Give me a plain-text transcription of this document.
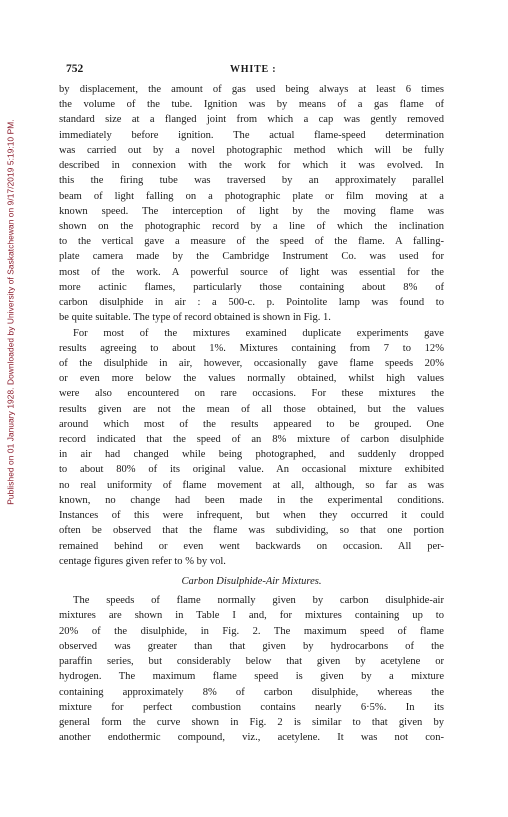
Published on 01 January 1928. Downloaded by University of Saskatchewan on 9/17/2019 5:19:10 PM.
752	WHITE :

by displacement, the amount of gas used being always at least 6 times
the volume of the tube. Ignition was by means of a gas flame of
standard size at a flanged joint from which a cap was gently removed
immediately before ignition. The actual flame-speed determination
was carried out by a novel photographic method which will be fully
described in connexion with the work for which it was evolved. In
this the firing tube was traversed by an approximately parallel
beam of light falling on a photographic plate or film moving at a
known speed. The interception of light by the moving flame was
shown on the photographic record by a line of which the inclination
to the vertical gave a measure of the speed of the flame. A falling-
plate camera made by the Cambridge Instrument Co. was used for
most of the work. A powerful source of light was essential for the
more actinic flames, particularly those containing about 8% of
carbon disulphide in air : a 500-c. p. Pointolite lamp was found to
be quite suitable. The type of record obtained is shown in Fig. 1.

For most of the mixtures examined duplicate experiments gave
results agreeing to about 1%. Mixtures containing from 7 to 12%
of the disulphide in air, however, occasionally gave flame speeds 20%
or even more below the values normally obtained, whilst high values
were also encountered on rare occasions. For these mixtures the
results given are not the mean of all those obtained, but the values
around which most of the results appeared to be grouped. One
record indicated that the speed of an 8% mixture of carbon disulphide
in air had changed while being photographed, and suddenly dropped
to about 80% of its original value. An occasional mixture exhibited
no real uniformity of flame movement at all, although, so far as was
known, no change had been made in the experimental conditions.
Instances of this were infrequent, but when they occurred it could
often be observed that the flame was subdividing, so that one portion
remained behind or even went backwards on occasion. All per-
centage figures given refer to % by vol.

Carbon Disulphide-Air Mixtures.

The speeds of flame normally given by carbon disulphide-air
mixtures are shown in Table I and, for mixtures containing up to
20% of the disulphide, in Fig. 2. The maximum speed of flame
observed was greater than that given by hydrocarbons of the
paraffin series, but considerably below that given by acetylene or
hydrogen. The maximum flame speed is given by a mixture
containing approximately 8% of carbon disulphide, whereas the
mixture for perfect combustion contains nearly 6·5%. In its
general form the curve shown in Fig. 2 is similar to that given by
another endothermic compound, viz., acetylene. It was not con-
